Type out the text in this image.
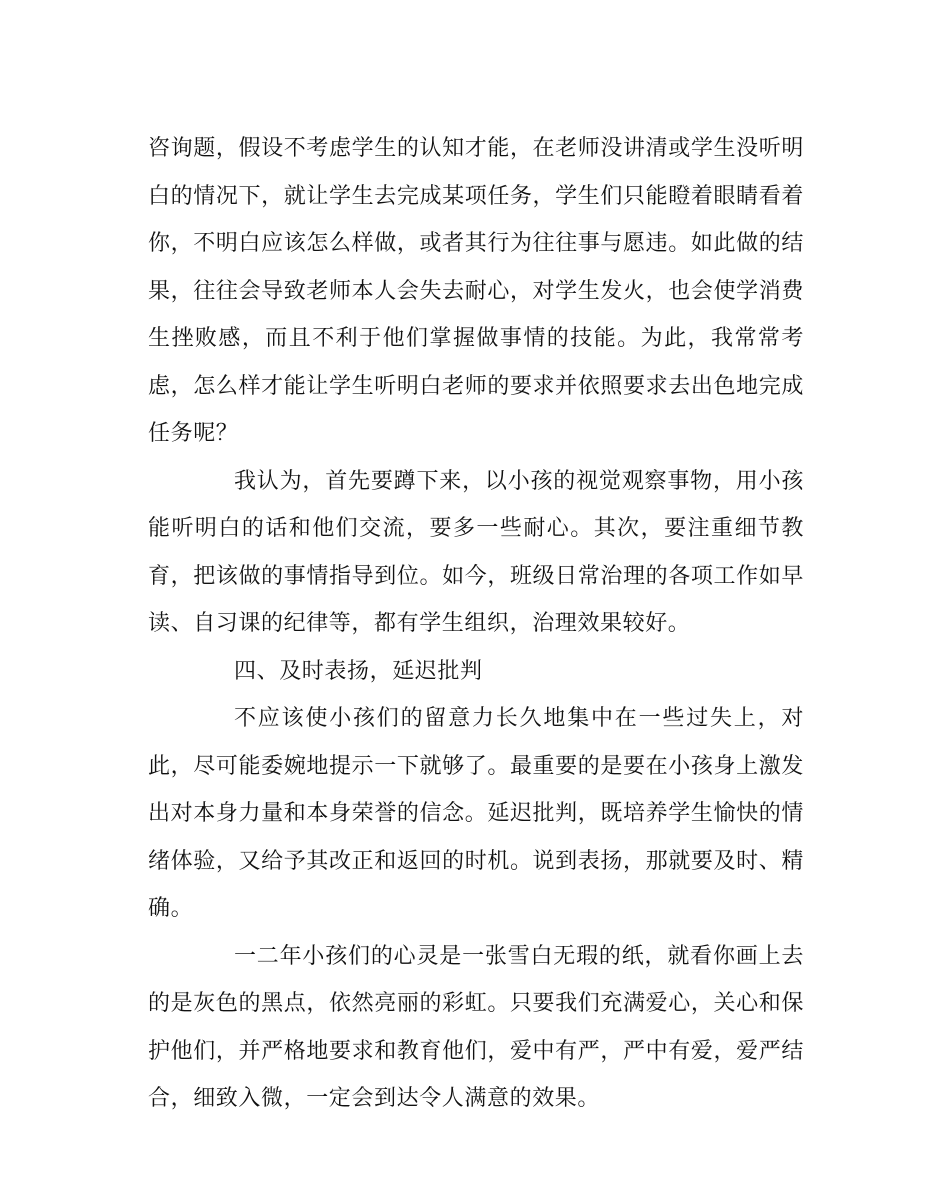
咨询题，假设不考虑学生的认知才能，在老师没讲清或学生没听明白的情况下，就让学生去完成某项任务，学生们只能瞪着眼睛看着你，不明白应该怎么样做，或者其行为往往事与愿违。如此做的结果，往往会导致老师本人会失去耐心，对学生发火，也会使学消费生挫败感，而且不利于他们掌握做事情的技能。为此，我常常考虑，怎么样才能让学生听明白老师的要求并依照要求去出色地完成任务呢？

我认为，首先要蹲下来，以小孩的视觉观察事物，用小孩能听明白的话和他们交流，要多一些耐心。其次，要注重细节教育，把该做的事情指导到位。如今，班级日常治理的各项工作如早读、自习课的纪律等，都有学生组织，治理效果较好。

四、及时表扬，延迟批判

不应该使小孩们的留意力长久地集中在一些过失上，对此，尽可能委婉地提示一下就够了。最重要的是要在小孩身上激发出对本身力量和本身荣誉的信念。延迟批判，既培养学生愉快的情绪体验，又给予其改正和返回的时机。说到表扬，那就要及时、精确。

一二年小孩们的心灵是一张雪白无瑕的纸，就看你画上去的是灰色的黑点，依然亮丽的彩虹。只要我们充满爱心，关心和保护他们，并严格地要求和教育他们，爱中有严，严中有爱，爱严结合，细致入微，一定会到达令人满意的效果。
